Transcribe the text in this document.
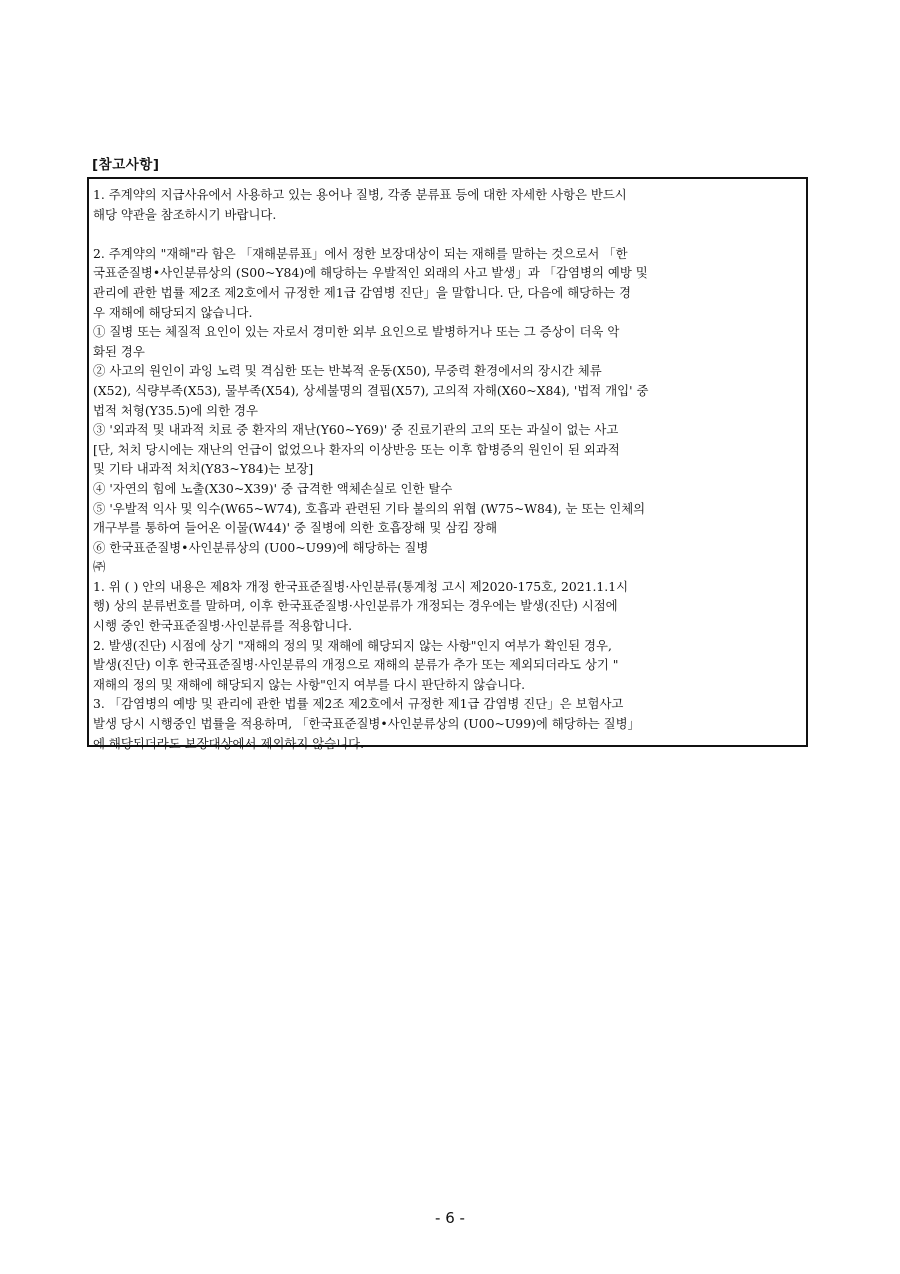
[참고사항]
1. 주계약의 지급사유에서 사용하고 있는 용어나 질병, 각종 분류표 등에 대한 자세한 사항은 반드시
해당 약관을 참조하시기 바랍니다.
2. 주계약의 "재해"라 함은 「재해분류표」에서 정한 보장대상이 되는 재해를 말하는 것으로서 「한
국표준질병•사인분류상의 (S00~Y84)에 해당하는 우발적인 외래의 사고 발생」과 「감염병의 예방 및
관리에 관한 법률 제2조 제2호에서 규정한 제1급 감염병 진단」을 말합니다. 단, 다음에 해당하는 경
우 재해에 해당되지 않습니다.
① 질병 또는 체질적 요인이 있는 자로서 경미한 외부 요인으로 발병하거나 또는 그 증상이 더욱 악
화된 경우
② 사고의 원인이 과잉 노력 및 격심한 또는 반복적 운동(X50), 무중력 환경에서의 장시간 체류
(X52), 식량부족(X53), 물부족(X54), 상세불명의 결핍(X57), 고의적 자해(X60~X84), '법적 개입' 중
법적 처형(Y35.5)에 의한 경우
③ '외과적 및 내과적 치료 중 환자의 재난(Y60~Y69)' 중 진료기관의 고의 또는 과실이 없는 사고
[단, 처치 당시에는 재난의 언급이 없었으나 환자의 이상반응 또는 이후 합병증의 원인이 된 외과적
및 기타 내과적 처치(Y83~Y84)는 보장]
④ '자연의 힘에 노출(X30~X39)' 중 급격한 액체손실로 인한 탈수
⑤ '우발적 익사 및 익수(W65~W74), 호흡과 관련된 기타 불의의 위협 (W75~W84), 눈 또는 인체의
개구부를 통하여 들어온 이물(W44)' 중 질병에 의한 호흡장해 및 삼킴 장해
⑥ 한국표준질병•사인분류상의 (U00~U99)에 해당하는 질병
㈜
1. 위 ( ) 안의 내용은 제8차 개정 한국표준질병·사인분류(통계청 고시 제2020-175호, 2021.1.1시
행) 상의 분류번호를 말하며, 이후 한국표준질병·사인분류가 개정되는 경우에는 발생(진단) 시점에
시행 중인 한국표준질병·사인분류를 적용합니다.
2. 발생(진단) 시점에 상기 "재해의 정의 및 재해에 해당되지 않는 사항"인지 여부가 확인된 경우,
발생(진단) 이후 한국표준질병·사인분류의 개정으로 재해의 분류가 추가 또는 제외되더라도 상기 "
재해의 정의 및 재해에 해당되지 않는 사항"인지 여부를 다시 판단하지 않습니다.
3. 「감염병의 예방 및 관리에 관한 법률 제2조 제2호에서 규정한 제1급 감염병 진단」은 보험사고
발생 당시 시행중인 법률을 적용하며, 「한국표준질병•사인분류상의 (U00~U99)에 해당하는 질병」
에 해당되더라도 보장대상에서 제외하지 않습니다.
- 6 -
